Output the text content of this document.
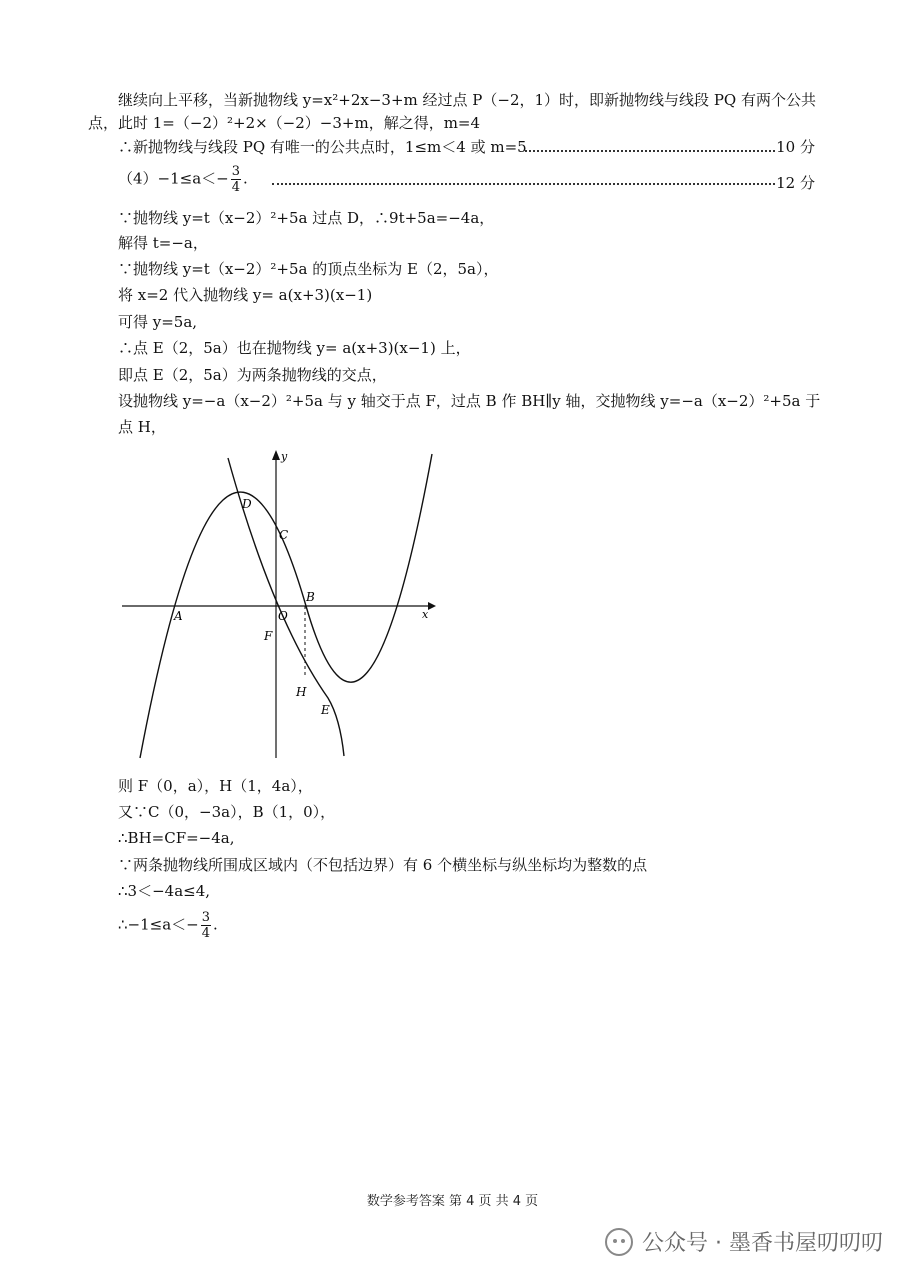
继续向上平移，当新抛物线 y=x²+2x−3+m 经过点 P（−2，1）时，即新抛物线与线段 PQ 有两个公共
点，此时 1=（−2）²+2×（−2）−3+m，解之得，m=4
∴新抛物线与线段 PQ 有唯一的公共点时，1≤m＜4 或 m=5	10 分
$(4)-1\le a<- \frac{3}{4}$ .	12 分
∵抛物线 y=t（x−2）²+5a 过点 D，∴9t+5a=−4a，
解得 t=−a，
∵抛物线 y=t（x−2）²+5a 的顶点坐标为 E（2，5a），
将 x=2 代入抛物线 y= a(x+3)(x−1)
可得 y=5a,
∴点 E（2，5a）也在抛物线 y= a(x+3)(x−1) 上，
即点 E（2，5a）为两条抛物线的交点，
设抛物线 y=−a（x−2）²+5a 与 y 轴交于点 F，过点 B 作 BH∥y 轴，交抛物线 y=−a（x−2）²+5a 于
点 H，
x
y
D
C
B
A	O
F
H
E
则 F（0，a），H（1，4a），
又∵C（0，−3a），B（1，0），
∴BH=CF=−4a,
∵两条抛物线所围成区域内（不包括边界）有 6 个横坐标与纵坐标均为整数的点
∴3＜−4a≤4,
∴−1≤a＜− $\frac{3}{4}$ .
数学参考答案 第 4 页 共 4 页
公众号 · 墨香书屋叨叨叨
